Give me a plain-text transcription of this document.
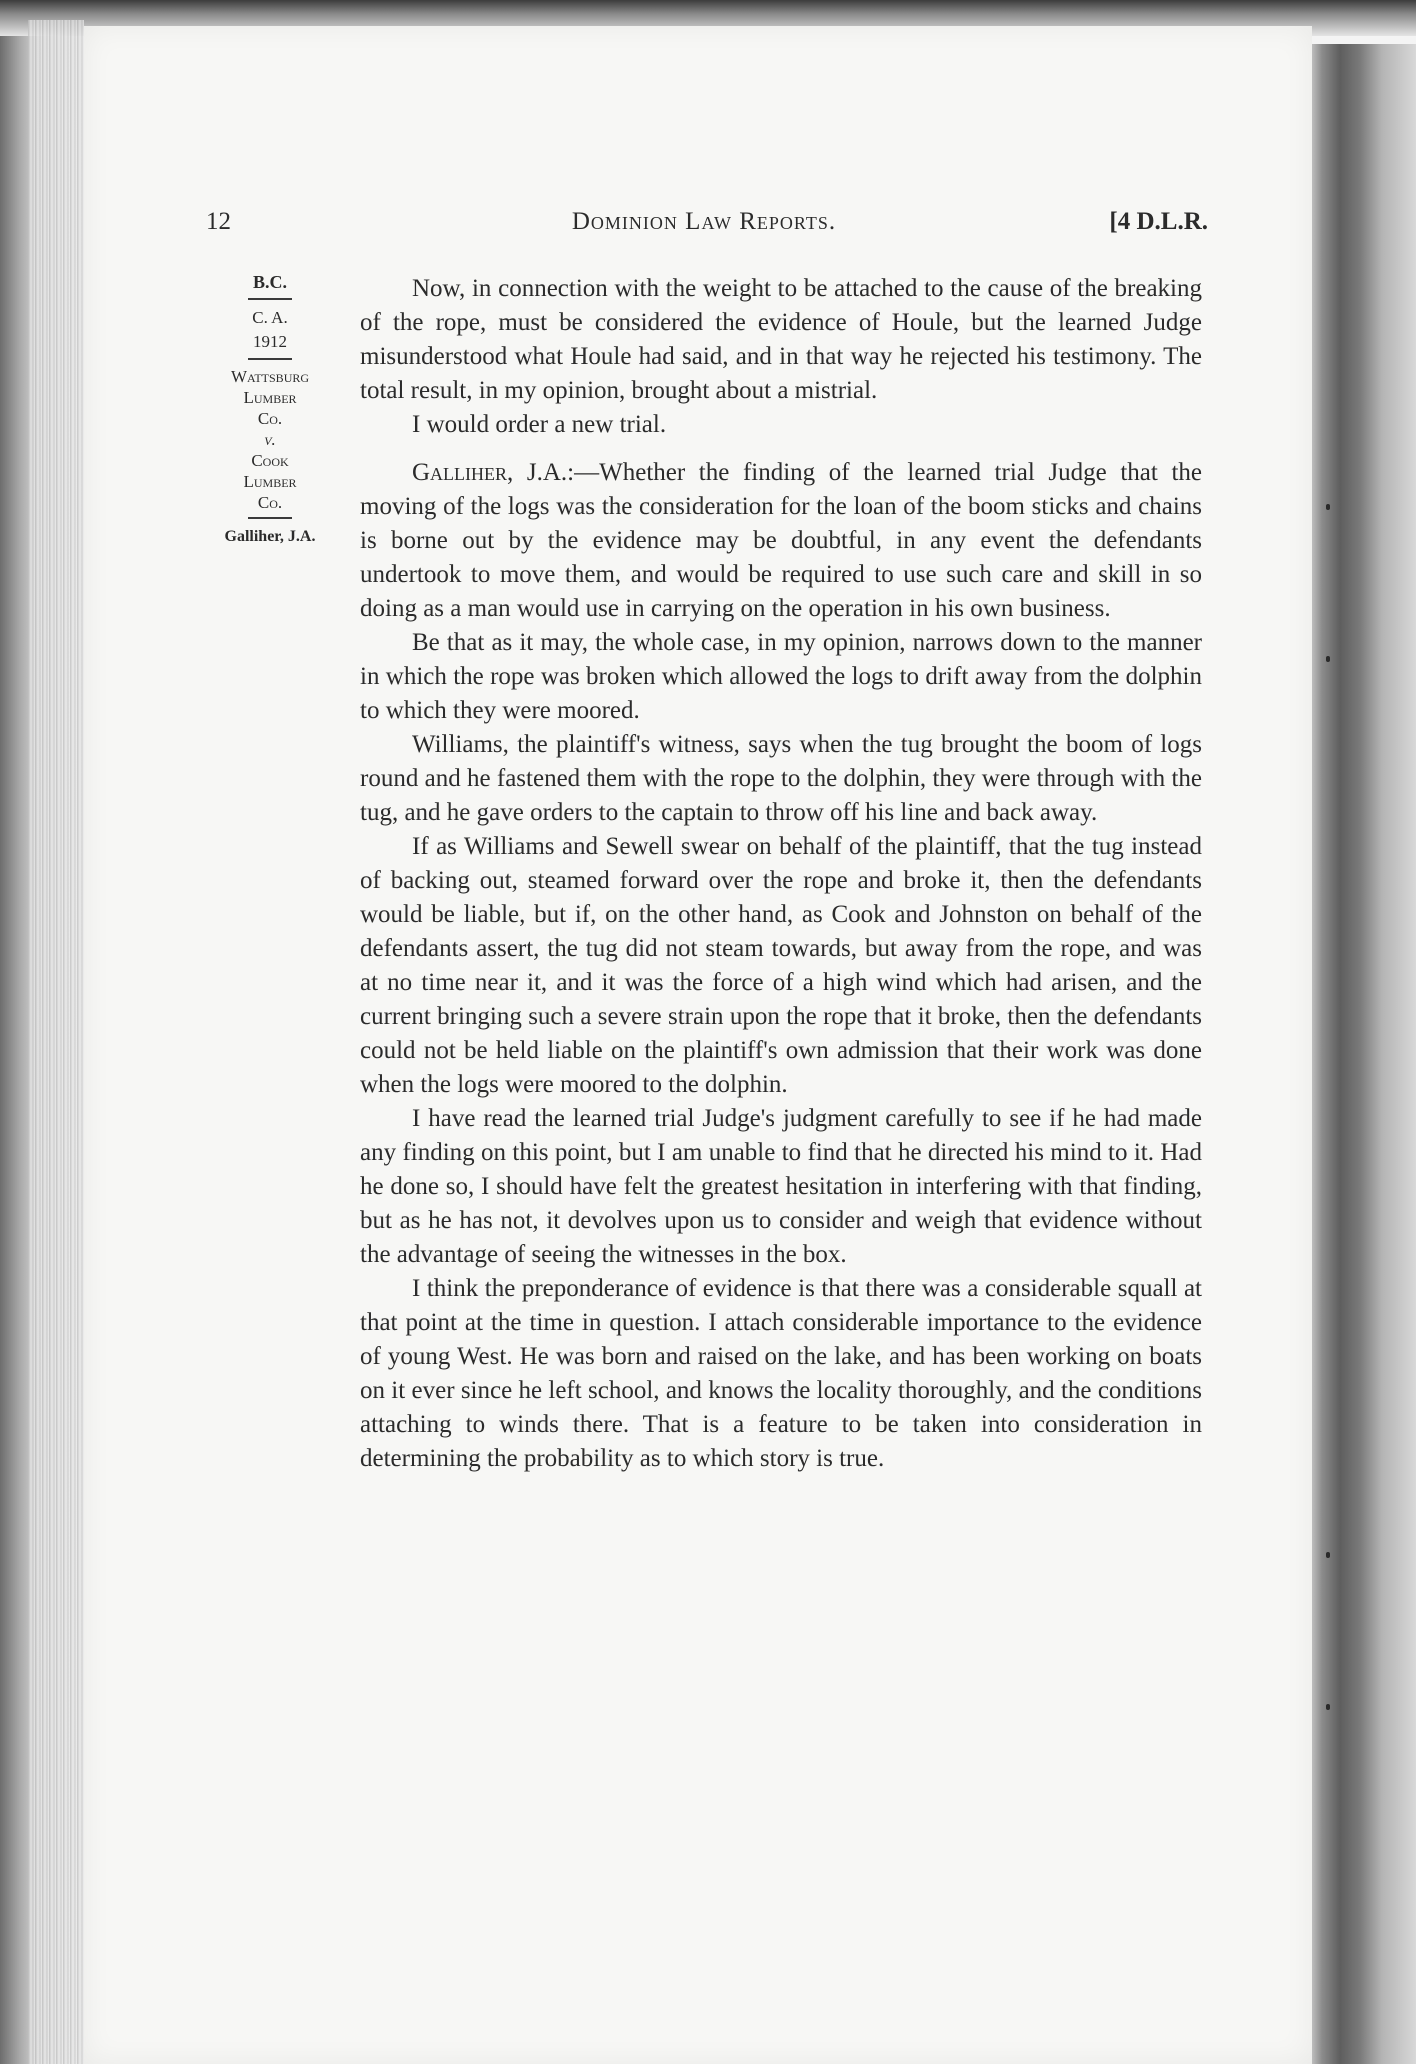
12	Dominion Law Reports.	[4 D.L.R.
B.C.
C. A.
1912
Wattsburg
Lumber
Co.
v.
Cook
Lumber
Co.
Galliher, J.A.

Now, in connection with the weight to be attached to the cause of the breaking of the rope, must be considered the evidence of Houle, but the learned Judge misunderstood what Houle had said, and in that way he rejected his testimony. The total result, in my opinion, brought about a mistrial.

I would order a new trial.

Galliher, J.A.:—Whether the finding of the learned trial Judge that the moving of the logs was the consideration for the loan of the boom sticks and chains is borne out by the evidence may be doubtful, in any event the defendants undertook to move them, and would be required to use such care and skill in so doing as a man would use in carrying on the operation in his own business.

Be that as it may, the whole case, in my opinion, narrows down to the manner in which the rope was broken which allowed the logs to drift away from the dolphin to which they were moored.

Williams, the plaintiff's witness, says when the tug brought the boom of logs round and he fastened them with the rope to the dolphin, they were through with the tug, and he gave orders to the captain to throw off his line and back away.

If as Williams and Sewell swear on behalf of the plaintiff, that the tug instead of backing out, steamed forward over the rope and broke it, then the defendants would be liable, but if, on the other hand, as Cook and Johnston on behalf of the defendants assert, the tug did not steam towards, but away from the rope, and was at no time near it, and it was the force of a high wind which had arisen, and the current bringing such a severe strain upon the rope that it broke, then the defendants could not be held liable on the plaintiff's own admission that their work was done when the logs were moored to the dolphin.

I have read the learned trial Judge's judgment carefully to see if he had made any finding on this point, but I am unable to find that he directed his mind to it. Had he done so, I should have felt the greatest hesitation in interfering with that finding, but as he has not, it devolves upon us to consider and weigh that evidence without the advantage of seeing the witnesses in the box.

I think the preponderance of evidence is that there was a considerable squall at that point at the time in question. I attach considerable importance to the evidence of young West. He was born and raised on the lake, and has been working on boats on it ever since he left school, and knows the locality thoroughly, and the conditions attaching to winds there. That is a feature to be taken into consideration in determining the probability as to which story is true.
